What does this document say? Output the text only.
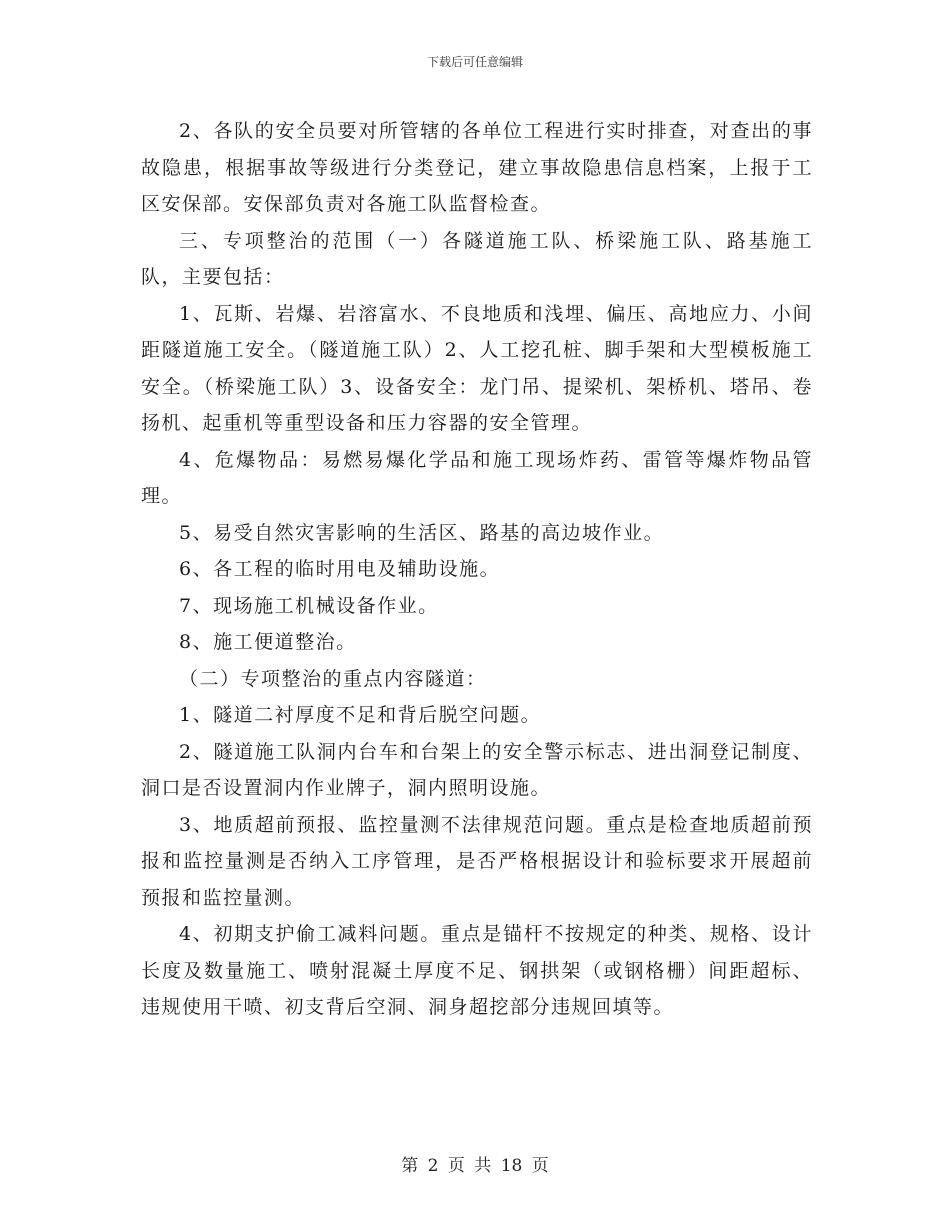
下载后可任意编辑

2、各队的安全员要对所管辖的各单位工程进行实时排查，对查出的事故隐患，根据事故等级进行分类登记，建立事故隐患信息档案，上报于工区安保部。安保部负责对各施工队监督检查。

三、专项整治的范围（一）各隧道施工队、桥梁施工队、路基施工队，主要包括：

1、瓦斯、岩爆、岩溶富水、不良地质和浅埋、偏压、高地应力、小间距隧道施工安全。（隧道施工队）2、人工挖孔桩、脚手架和大型模板施工安全。（桥梁施工队）3、设备安全：龙门吊、提梁机、架桥机、塔吊、卷扬机、起重机等重型设备和压力容器的安全管理。

4、危爆物品：易燃易爆化学品和施工现场炸药、雷管等爆炸物品管理。

5、易受自然灾害影响的生活区、路基的高边坡作业。

6、各工程的临时用电及辅助设施。

7、现场施工机械设备作业。

8、施工便道整治。

（二）专项整治的重点内容隧道：

1、隧道二衬厚度不足和背后脱空问题。

2、隧道施工队洞内台车和台架上的安全警示标志、进出洞登记制度、洞口是否设置洞内作业牌子，洞内照明设施。

3、地质超前预报、监控量测不法律规范问题。重点是检查地质超前预报和监控量测是否纳入工序管理，是否严格根据设计和验标要求开展超前预报和监控量测。

4、初期支护偷工减料问题。重点是锚杆不按规定的种类、规格、设计长度及数量施工、喷射混凝土厚度不足、钢拱架（或钢格栅）间距超标、违规使用干喷、初支背后空洞、洞身超挖部分违规回填等。

第 2 页 共 18 页
